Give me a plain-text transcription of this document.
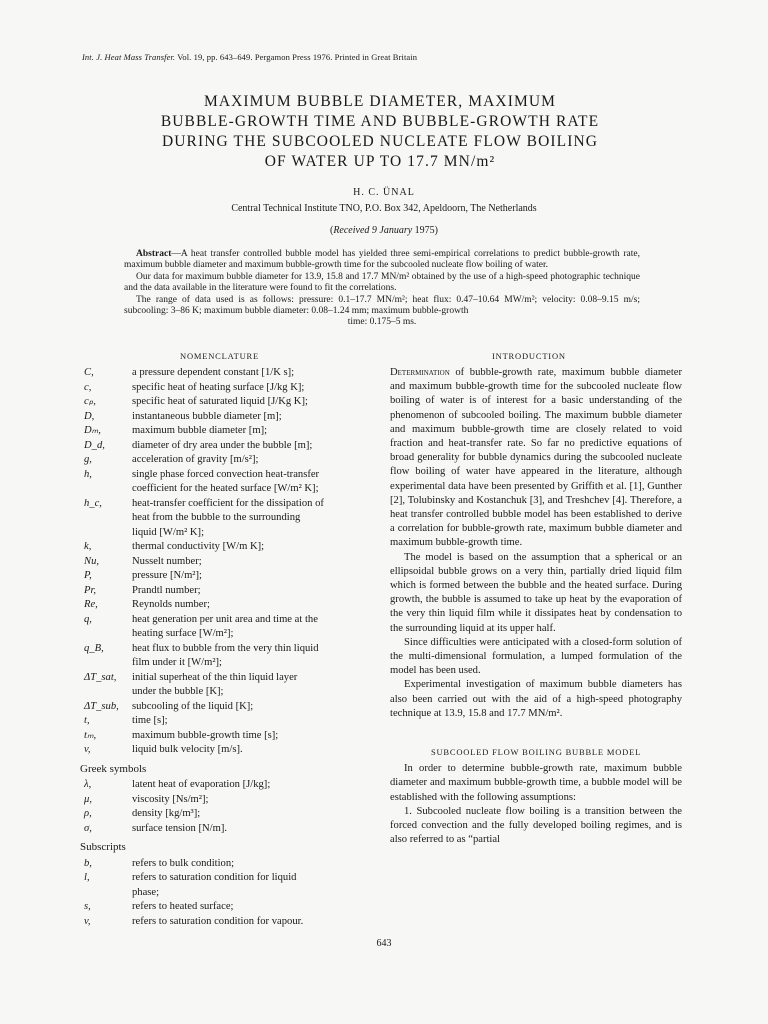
Int. J. Heat Mass Transfer. Vol. 19, pp. 643–649. Pergamon Press 1976. Printed in Great Britain
MAXIMUM BUBBLE DIAMETER, MAXIMUM
BUBBLE-GROWTH TIME AND BUBBLE-GROWTH RATE
DURING THE SUBCOOLED NUCLEATE FLOW BOILING
OF WATER UP TO 17.7 MN/m²
H. C. ÜNAL
Central Technical Institute TNO, P.O. Box 342, Apeldoorn, The Netherlands
(Received 9 January 1975)

Abstract—A heat transfer controlled bubble model has yielded three semi-empirical correlations to predict bubble-growth rate, maximum bubble diameter and maximum bubble-growth time for the subcooled nucleate flow boiling of water.

Our data for maximum bubble diameter for 13.9, 15.8 and 17.7 MN/m² obtained by the use of a high-speed photographic technique and the data available in the literature were found to fit the correlations.

The range of data used is as follows: pressure: 0.1–17.7 MN/m²; heat flux: 0.47–10.64 MW/m²; velocity: 0.08–9.15 m/s; subcooling: 3–86 K; maximum bubble diameter: 0.08–1.24 mm; maximum bubble-growth

time: 0.175–5 ms.

NOMENCLATURE	INTRODUCTION
C,	a pressure dependent constant [1/K s];
c,	specific heat of heating surface [J/kg K];
cₚ,	specific heat of saturated liquid [J/Kg K];
D,	instantaneous bubble diameter [m];
Dₘ,	maximum bubble diameter [m];
D_d,	diameter of dry area under the bubble [m];
g,	acceleration of gravity [m/s²];
h,	single phase forced convection heat-transfer
coefficient for the heated surface [W/m² K];
h_c,	heat-transfer coefficient for the dissipation of
heat from the bubble to the surrounding
liquid [W/m² K];
k,	thermal conductivity [W/m K];
Nu,	Nusselt number;
P,	pressure [N/m²];
Pr,	Prandtl number;
Re,	Reynolds number;
q,	heat generation per unit area and time at the
heating surface [W/m²];
q_B,	heat flux to bubble from the very thin liquid
film under it [W/m²];
ΔT_sat,	initial superheat of the thin liquid layer
under the bubble [K];
ΔT_sub,	subcooling of the liquid [K];
t,	time [s];
tₘ,	maximum bubble-growth time [s];
v,	liquid bulk velocity [m/s].
Greek symbols
λ,	latent heat of evaporation [J/kg];
μ,	viscosity [Ns/m²];
ρ,	density [kg/m³];
σ,	surface tension [N/m].
Subscripts
b,	refers to bulk condition;
l,	refers to saturation condition for liquid
phase;
s,	refers to heated surface;
v,	refers to saturation condition for vapour.

Determination of bubble-growth rate, maximum bubble diameter and maximum bubble-growth time for the subcooled nucleate flow boiling of water is of interest for a basic understanding of the phenomenon of subcooled boiling. The maximum bubble diameter and maximum bubble-growth time are closely related to void fraction and heat-transfer rate. So far no predictive equations of broad generality for bubble dynamics during the subcooled nucleate flow boiling of water have appeared in the literature, although experimental data have been presented by Griffith et al. [1], Gunther [2], Tolubinsky and Kostanchuk [3], and Treshchev [4]. Therefore, a heat transfer controlled bubble model has been established to derive a correlation for bubble-growth rate, maximum bubble diameter and maximum bubble-growth time.

The model is based on the assumption that a spherical or an ellipsoidal bubble grows on a very thin, partially dried liquid film which is formed between the bubble and the heated surface. During growth, the bubble is assumed to take up heat by the evaporation of the very thin liquid film while it dissipates heat by condensation to the surrounding liquid at its upper half.

Since difficulties were anticipated with a closed-form solution of the multi-dimensional formulation, a lumped formulation of the model has been used.

Experimental investigation of maximum bubble diameters has also been carried out with the aid of a high-speed photography technique at 13.9, 15.8 and 17.7 MN/m².

SUBCOOLED FLOW BOILING BUBBLE MODEL

In order to determine bubble-growth rate, maximum bubble diameter and maximum bubble-growth time, a bubble model will be established with the following assumptions:

1. Subcooled nucleate flow boiling is a transition between the forced convection and the fully developed boiling regimes, and is also referred to as “partial

643
